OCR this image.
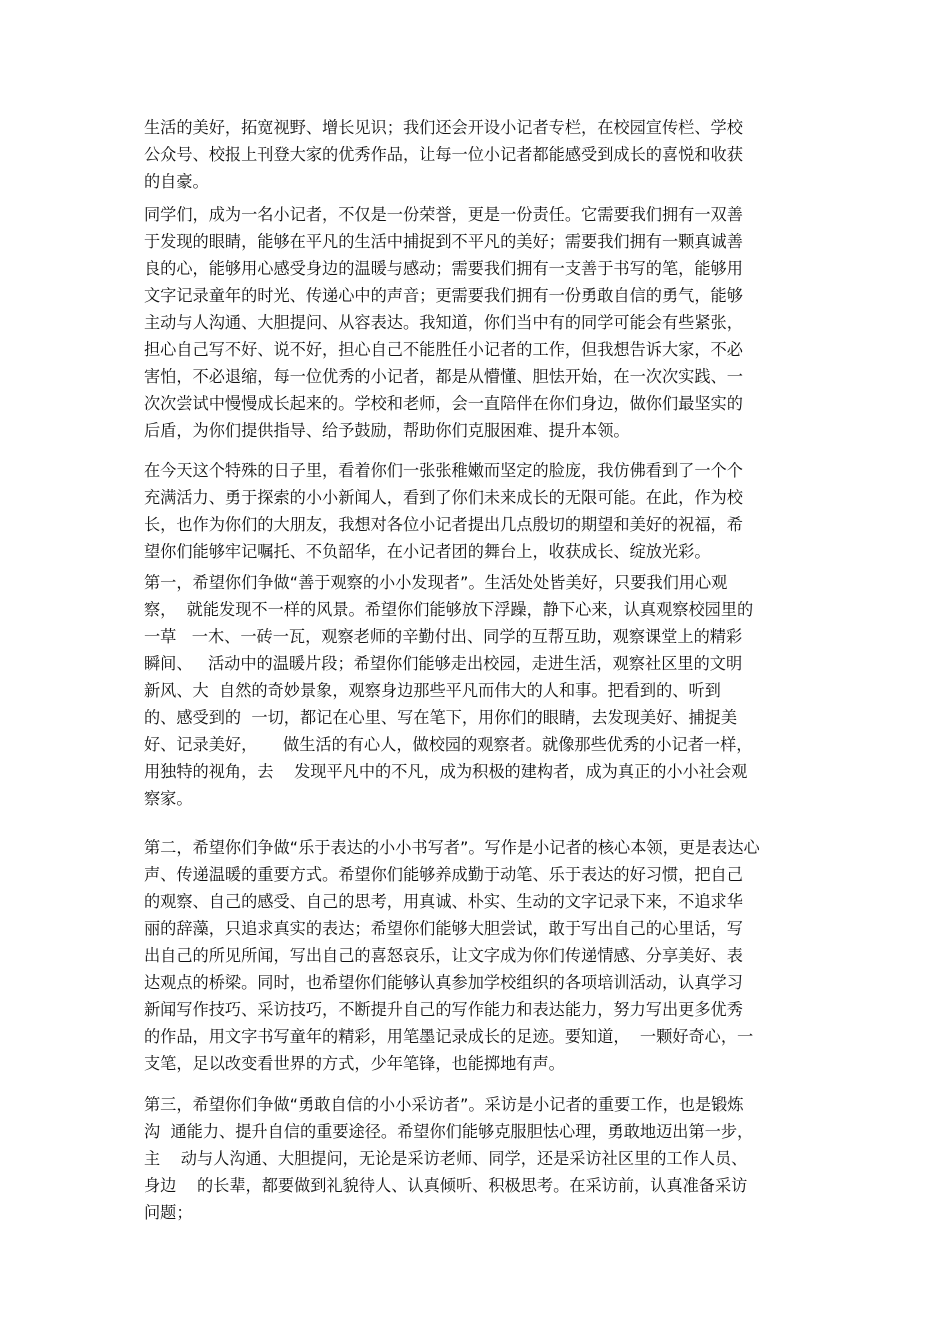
生活的美好，拓宽视野、增长见识；我们还会开设小记者专栏，在校园宣传栏、学校
公众号、校报上刊登大家的优秀作品，让每一位小记者都能感受到成长的喜悦和收获
的自豪。
同学们，成为一名小记者，不仅是一份荣誉，更是一份责任。它需要我们拥有一双善
于发现的眼睛，能够在平凡的生活中捕捉到不平凡的美好；需要我们拥有一颗真诚善
良的心，能够用心感受身边的温暖与感动；需要我们拥有一支善于书写的笔，能够用
文字记录童年的时光、传递心中的声音；更需要我们拥有一份勇敢自信的勇气，能够
主动与人沟通、大胆提问、从容表达。我知道，你们当中有的同学可能会有些紧张，
担心自己写不好、说不好，担心自己不能胜任小记者的工作，但我想告诉大家，不必
害怕，不必退缩，每一位优秀的小记者，都是从懵懂、胆怯开始，在一次次实践、一
次次尝试中慢慢成长起来的。学校和老师，会一直陪伴在你们身边，做你们最坚实的
后盾，为你们提供指导、给予鼓励，帮助你们克服困难、提升本领。
在今天这个特殊的日子里，看着你们一张张稚嫩而坚定的脸庞，我仿佛看到了一个个
充满活力、勇于探索的小小新闻人，看到了你们未来成长的无限可能。在此，作为校
长，也作为你们的大朋友，我想对各位小记者提出几点殷切的期望和美好的祝福，希
望你们能够牢记嘱托、不负韶华，在小记者团的舞台上，收获成长、绽放光彩。
第一，希望你们争做“善于观察的小小发现者”。生活处处皆美好，只要我们用心观
察，  就能发现不一样的风景。希望你们能够放下浮躁，静下心来，认真观察校园里的
一草   一木、一砖一瓦，观察老师的辛勤付出、同学的互帮互助，观察课堂上的精彩
瞬间、   活动中的温暖片段；希望你们能够走出校园，走进生活，观察社区里的文明
新风、大  自然的奇妙景象，观察身边那些平凡而伟大的人和事。把看到的、听到
的、感受到的  一切，都记在心里、写在笔下，用你们的眼睛，去发现美好、捕捉美
好、记录美好，     做生活的有心人，做校园的观察者。就像那些优秀的小记者一样，
用独特的视角，去    发现平凡中的不凡，成为积极的建构者，成为真正的小小社会观
察家。
第二，希望你们争做“乐于表达的小小书写者”。写作是小记者的核心本领，更是表达心
声、传递温暖的重要方式。希望你们能够养成勤于动笔、乐于表达的好习惯，把自己
的观察、自己的感受、自己的思考，用真诚、朴实、生动的文字记录下来，不追求华
丽的辞藻，只追求真实的表达；希望你们能够大胆尝试，敢于写出自己的心里话，写
出自己的所见所闻，写出自己的喜怒哀乐，让文字成为你们传递情感、分享美好、表
达观点的桥梁。同时，也希望你们能够认真参加学校组织的各项培训活动，认真学习
新闻写作技巧、采访技巧，不断提升自己的写作能力和表达能力，努力写出更多优秀
的作品，用文字书写童年的精彩，用笔墨记录成长的足迹。要知道，  一颗好奇心，一
支笔，足以改变看世界的方式，少年笔锋，也能掷地有声。
第三，希望你们争做“勇敢自信的小小采访者”。采访是小记者的重要工作，也是锻炼
沟  通能力、提升自信的重要途径。希望你们能够克服胆怯心理，勇敢地迈出第一步，
主    动与人沟通、大胆提问，无论是采访老师、同学，还是采访社区里的工作人员、
身边    的长辈，都要做到礼貌待人、认真倾听、积极思考。在采访前，认真准备采访
问题；
